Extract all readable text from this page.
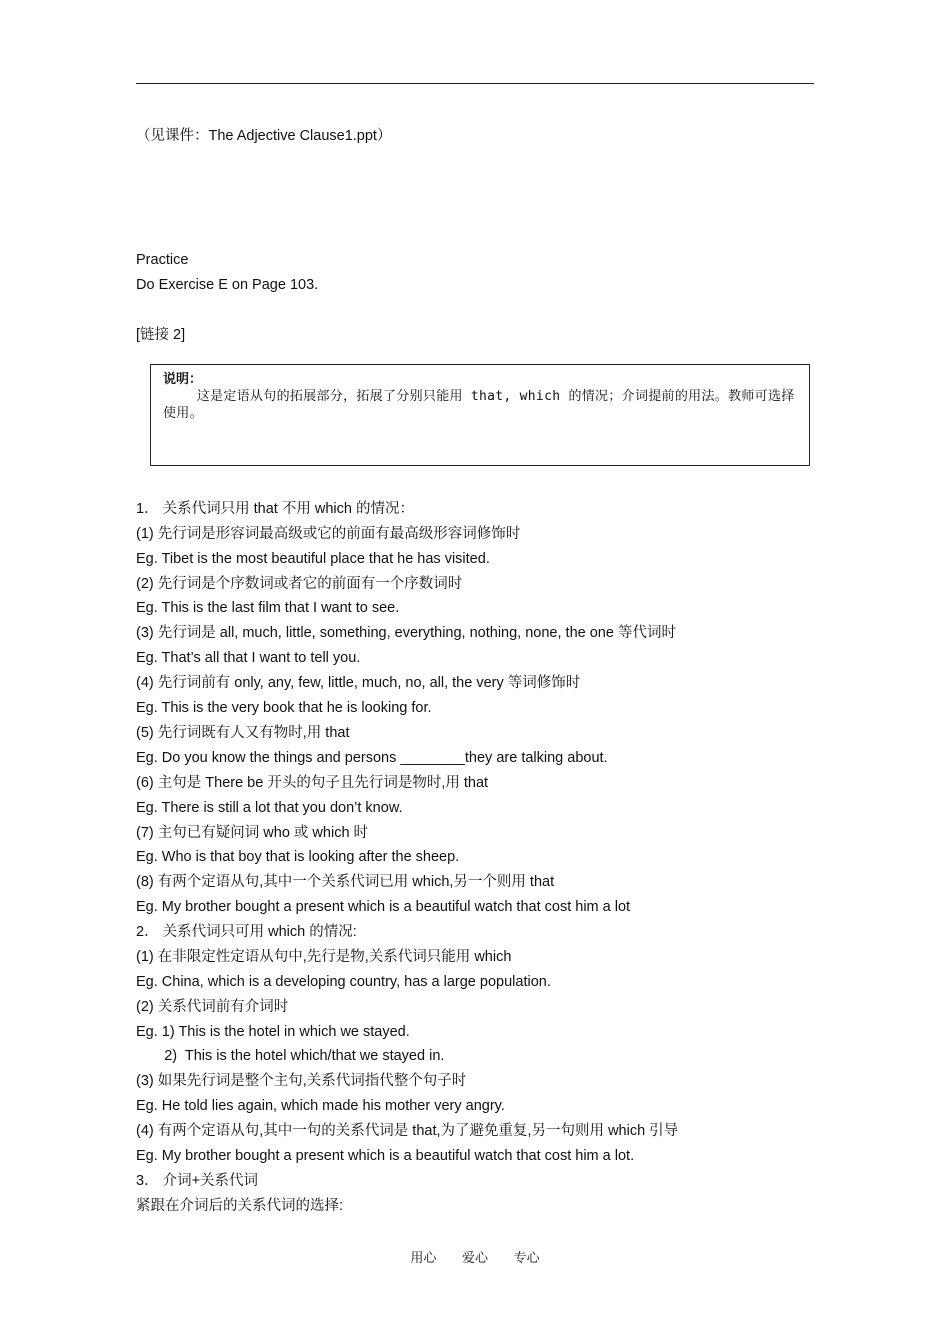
（见课件：The Adjective Clause1.ppt）
Practice
Do Exercise E on Page 103.
[链接 2]
说明：
这是定语从句的拓展部分，拓展了分别只能用 that, which 的情况；介词提前的用法。教师可选择使用。
1． 关系代词只用 that 不用 which 的情况：
(1) 先行词是形容词最高级或它的前面有最高级形容词修饰时
Eg. Tibet is the most beautiful place that he has visited.
(2) 先行词是个序数词或者它的前面有一个序数词时
Eg. This is the last film that I want to see.
(3) 先行词是 all, much, little, something, everything, nothing, none, the one 等代词时
Eg. That’s all that I want to tell you.
(4) 先行词前有 only, any, few, little, much, no, all, the very 等词修饰时
Eg. This is the very book that he is looking for.
(5) 先行词既有人又有物时,用 that
Eg. Do you know the things and persons ________they are talking about.
(6) 主句是 There be 开头的句子且先行词是物时,用 that
Eg. There is still a lot that you don’t know.
(7) 主句已有疑问词 who 或 which 时
Eg. Who is that boy that is looking after the sheep.
(8) 有两个定语从句,其中一个关系代词已用 which,另一个则用 that
Eg. My brother bought a present which is a beautiful watch that cost him a lot
2． 关系代词只可用 which 的情况:
(1) 在非限定性定语从句中,先行是物,关系代词只能用 which
Eg. China, which is a developing country, has a large population.
(2) 关系代词前有介词时
Eg. 1) This is the hotel in which we stayed.
2)  This is the hotel which/that we stayed in.
(3) 如果先行词是整个主句,关系代词指代整个句子时
Eg. He told lies again, which made his mother very angry.
(4) 有两个定语从句,其中一句的关系代词是 that,为了避免重复,另一句则用 which 引导
Eg. My brother bought a present which is a beautiful watch that cost him a lot.
3． 介词+关系代词
紧跟在介词后的关系代词的选择:
用心 爱心 专心
